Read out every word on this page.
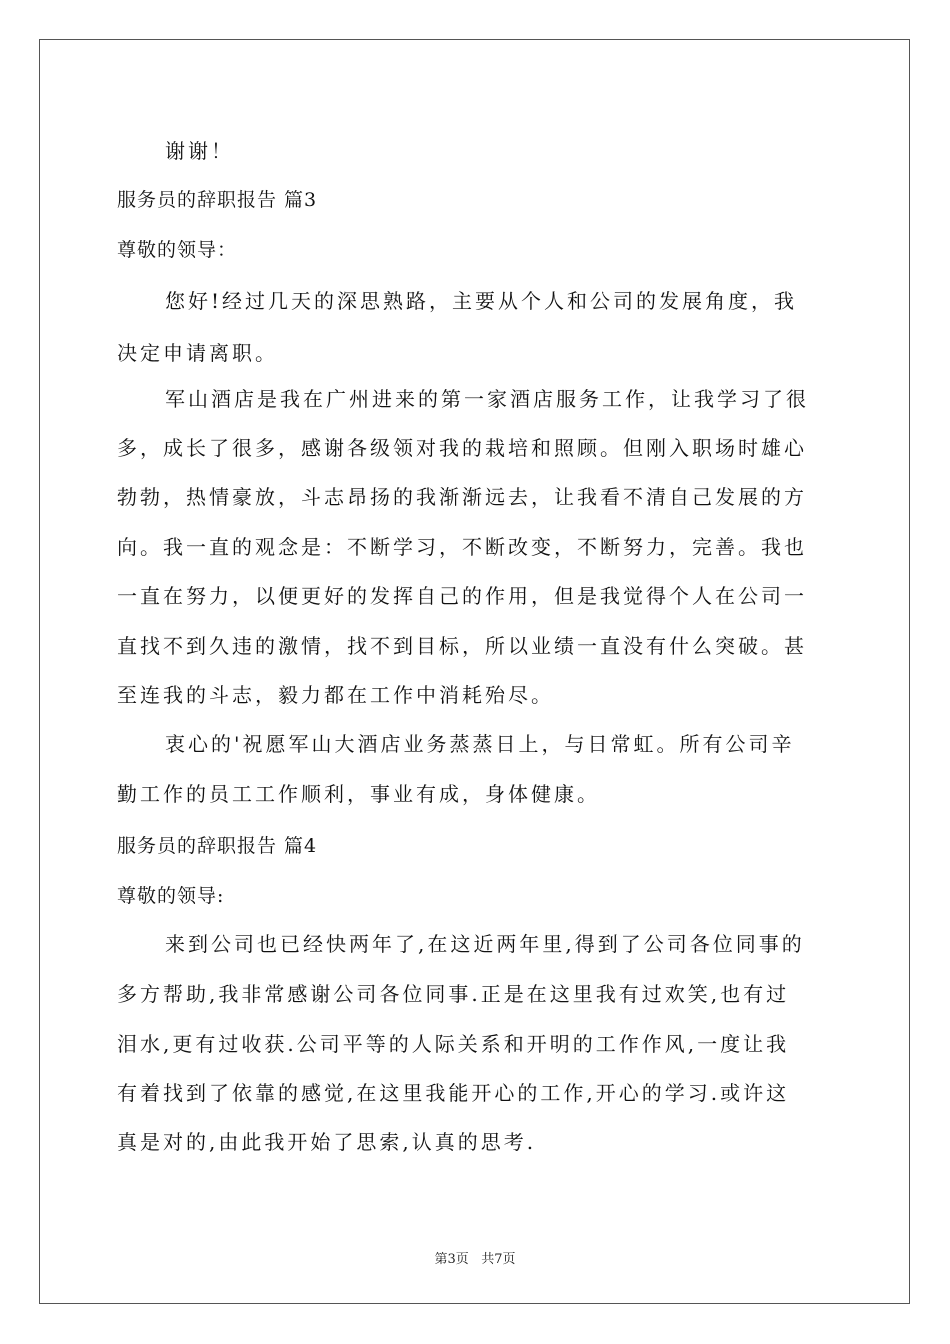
谢谢！
服务员的辞职报告 篇3
尊敬的领导：
您好!经过几天的深思熟路，主要从个人和公司的发展角度，我
决定申请离职。
军山酒店是我在广州进来的第一家酒店服务工作，让我学习了很
多，成长了很多，感谢各级领对我的栽培和照顾。但刚入职场时雄心
勃勃，热情豪放，斗志昂扬的我渐渐远去，让我看不清自己发展的方
向。我一直的观念是：不断学习，不断改变，不断努力，完善。我也
一直在努力，以便更好的发挥自己的作用，但是我觉得个人在公司一
直找不到久违的激情，找不到目标，所以业绩一直没有什么突破。甚
至连我的斗志，毅力都在工作中消耗殆尽。
衷心的'祝愿军山大酒店业务蒸蒸日上，与日常虹。所有公司辛
勤工作的员工工作顺利，事业有成，身体健康。
服务员的辞职报告 篇4
尊敬的领导:
来到公司也已经快两年了,在这近两年里,得到了公司各位同事的
多方帮助,我非常感谢公司各位同事.正是在这里我有过欢笑,也有过
泪水,更有过收获.公司平等的人际关系和开明的工作作风,一度让我
有着找到了依靠的感觉,在这里我能开心的工作,开心的学习.或许这
真是对的,由此我开始了思索,认真的思考.
第3页 共7页
